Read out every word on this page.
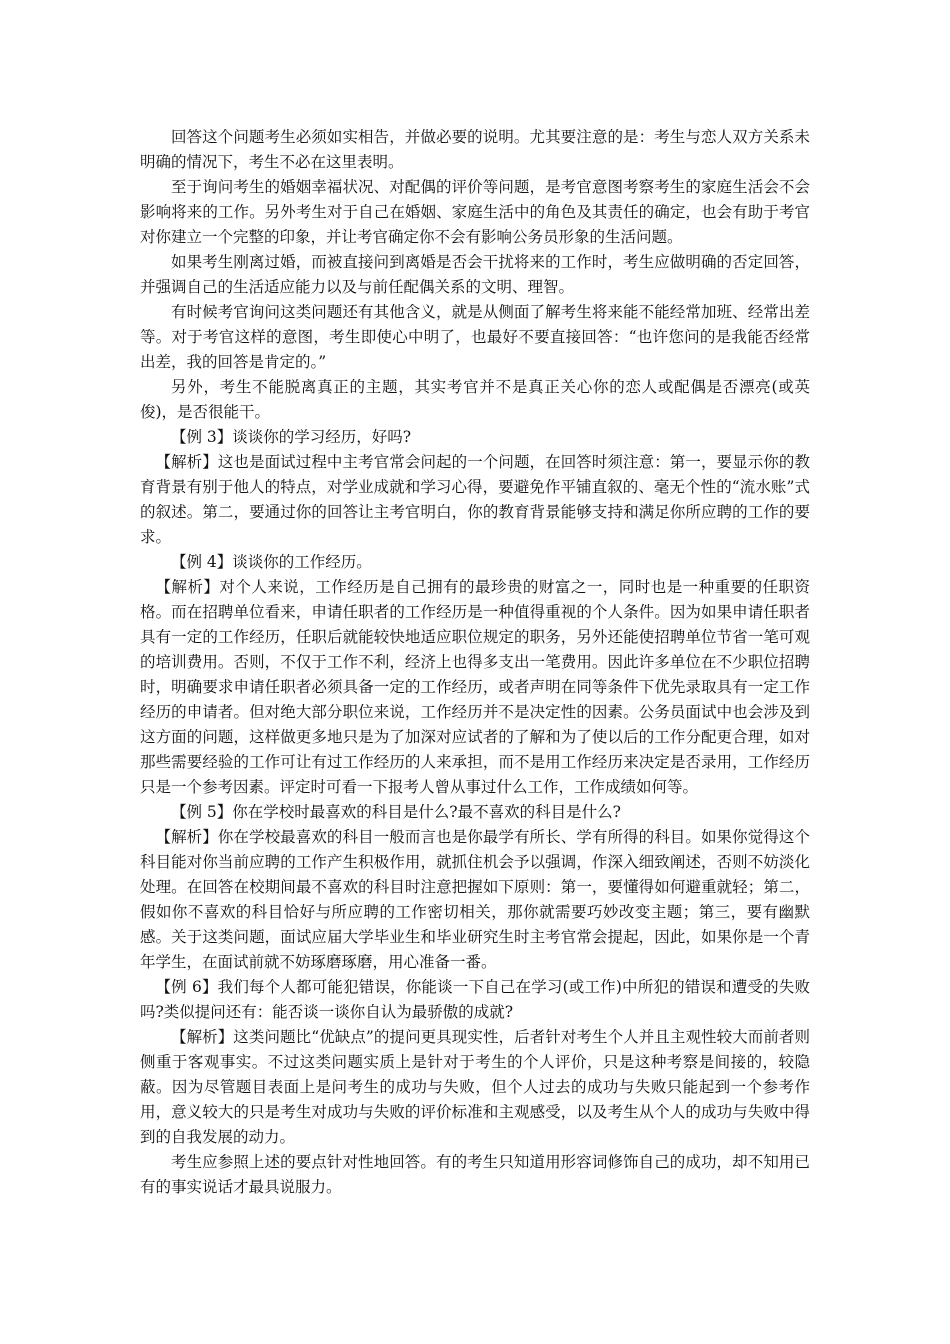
回答这个问题考生必须如实相告，并做必要的说明。尤其要注意的是：考生与恋人双方关系未明确的情况下，考生不必在这里表明。

至于询问考生的婚姻幸福状况、对配偶的评价等问题，是考官意图考察考生的家庭生活会不会影响将来的工作。另外考生对于自己在婚姻、家庭生活中的角色及其责任的确定，也会有助于考官对你建立一个完整的印象，并让考官确定你不会有影响公务员形象的生活问题。

如果考生刚离过婚，而被直接问到离婚是否会干扰将来的工作时，考生应做明确的否定回答，并强调自己的生活适应能力以及与前任配偶关系的文明、理智。

有时候考官询问这类问题还有其他含义，就是从侧面了解考生将来能不能经常加班、经常出差等。对于考官这样的意图，考生即使心中明了，也最好不要直接回答：“也许您问的是我能否经常出差，我的回答是肯定的。”

另外，考生不能脱离真正的主题，其实考官并不是真正关心你的恋人或配偶是否漂亮(或英俊)，是否很能干。

【例 3】谈谈你的学习经历，好吗?

【解析】这也是面试过程中主考官常会问起的一个问题，在回答时须注意：第一，要显示你的教育背景有别于他人的特点，对学业成就和学习心得，要避免作平铺直叙的、毫无个性的“流水账”式的叙述。第二，要通过你的回答让主考官明白，你的教育背景能够支持和满足你所应聘的工作的要求。

【例 4】谈谈你的工作经历。

【解析】对个人来说，工作经历是自己拥有的最珍贵的财富之一，同时也是一种重要的任职资格。而在招聘单位看来，申请任职者的工作经历是一种值得重视的个人条件。因为如果申请任职者具有一定的工作经历，任职后就能较快地适应职位规定的职务，另外还能使招聘单位节省一笔可观的培训费用。否则，不仅于工作不利，经济上也得多支出一笔费用。因此许多单位在不少职位招聘时，明确要求申请任职者必须具备一定的工作经历，或者声明在同等条件下优先录取具有一定工作经历的申请者。但对绝大部分职位来说，工作经历并不是决定性的因素。公务员面试中也会涉及到这方面的问题，这样做更多地只是为了加深对应试者的了解和为了使以后的工作分配更合理，如对那些需要经验的工作可让有过工作经历的人来承担，而不是用工作经历来决定是否录用，工作经历只是一个参考因素。评定时可看一下报考人曾从事过什么工作，工作成绩如何等。

【例 5】你在学校时最喜欢的科目是什么?最不喜欢的科目是什么?

【解析】你在学校最喜欢的科目一般而言也是你最学有所长、学有所得的科目。如果你觉得这个科目能对你当前应聘的工作产生积极作用，就抓住机会予以强调，作深入细致阐述，否则不妨淡化处理。在回答在校期间最不喜欢的科目时注意把握如下原则：第一，要懂得如何避重就轻；第二，假如你不喜欢的科目恰好与所应聘的工作密切相关，那你就需要巧妙改变主题；第三，要有幽默感。关于这类问题，面试应届大学毕业生和毕业研究生时主考官常会提起，因此，如果你是一个青年学生，在面试前就不妨琢磨琢磨，用心准备一番。

【例 6】我们每个人都可能犯错误，你能谈一下自己在学习(或工作)中所犯的错误和遭受的失败吗?类似提问还有：能否谈一谈你自认为最骄傲的成就?

【解析】这类问题比“优缺点”的提问更具现实性，后者针对考生个人并且主观性较大而前者则侧重于客观事实。不过这类问题实质上是针对于考生的个人评价，只是这种考察是间接的，较隐蔽。因为尽管题目表面上是问考生的成功与失败，但个人过去的成功与失败只能起到一个参考作用，意义较大的只是考生对成功与失败的评价标准和主观感受，以及考生从个人的成功与失败中得到的自我发展的动力。

考生应参照上述的要点针对性地回答。有的考生只知道用形容词修饰自己的成功，却不知用已有的事实说话才最具说服力。
